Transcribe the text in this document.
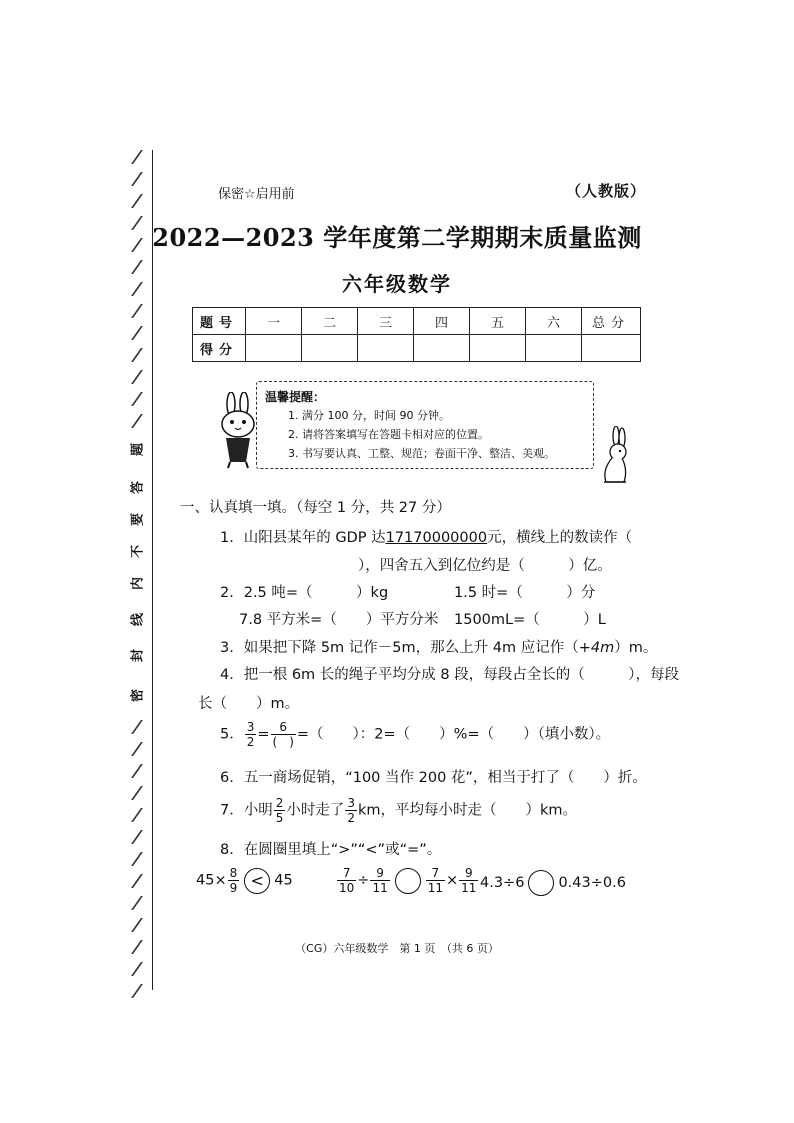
题
答
要
不
内
线
封
密
保密☆启用前	（人教版）
2022—2023 学年度第二学期期末质量监测
六年级数学
题号	一	二	三	四	五	六	总分
得分							
温馨提醒：
1. 满分 100 分，时间 90 分钟。
2. 请将答案填写在答题卡相对应的位置。
3. 书写要认真、工整、规范；卷面干净、整洁、美观。
一、认真填一填。（每空 1 分，共 27 分）
1．山阳县某年的 GDP 达17170000000元，横线上的数读作（
），四舍五入到亿位约是（　　　）亿。
2．2.5 吨=（　　　）kg	1.5 时=（　　　）分
7.8 平方米=（　　）平方分米 1500mL=（　　　）L
3．如果把下降 5m 记作－5m，那么上升 4m 应记作（+4m）m。
4．把一根 6m 长的绳子平均分成 8 段，每段占全长的（　　　），每段
长（　　）m。
5． $\frac{3}{2} = \frac{6}{( )}$ =（　　）：2=（　　）%=（　　）（填小数）。
6．五一商场促销，“100 当作 200 花”，相当于打了（　　）折。
7．小明 $\frac{2}{5}$ 小时走了 $\frac{3}{2}$ km，平均每小时走（　　）km。
8．在圆圈里填上“>”“<”或“=”。
$45\times \frac{8}{9} < 45$	$\frac{7}{10} \div \frac{9}{11}$	$\frac{7}{11} \times \frac{9}{11} 4.3\div 6$ 0.43÷0.6
（CG）六年级数学　第 1 页　（共 6 页）
